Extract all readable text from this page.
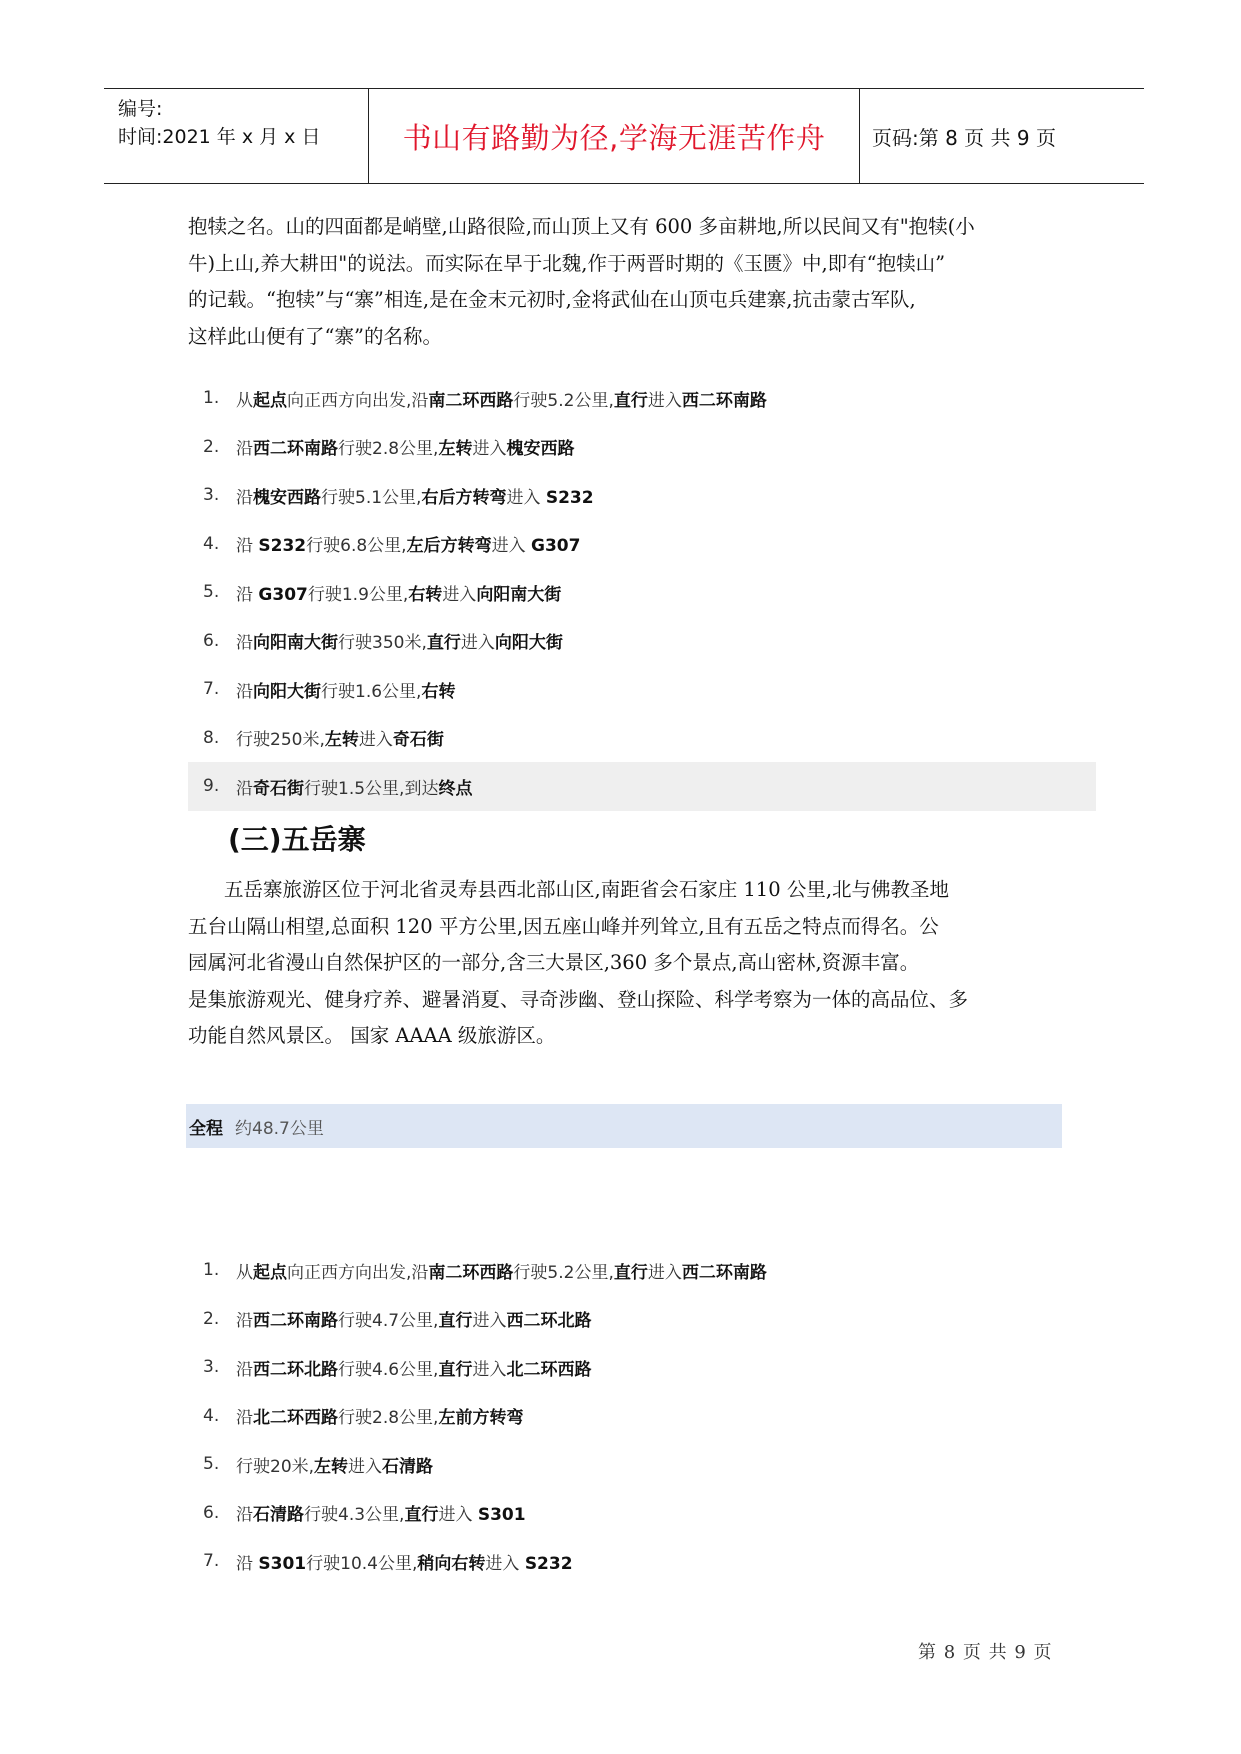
编号:
时间:2021 年 x 月 x 日	书山有路勤为径,学海无涯苦作舟	页码:第 8 页 共 9 页

抱犊之名。山的四面都是峭壁,山路很险,而山顶上又有 600 多亩耕地,所以民间又有"抱犊(小

牛)上山,养大耕田"的说法。而实际在早于北魏,作于两晋时期的《玉匮》中,即有“抱犊山”

的记载。“抱犊”与“寨”相连,是在金末元初时,金将武仙在山顶屯兵建寨,抗击蒙古军队,

这样此山便有了“寨”的名称。

1. 从起点向正西方向出发,沿南二环西路行驶5.2公里,直行进入西二环南路
2. 沿西二环南路行驶2.8公里,左转进入槐安西路
3. 沿槐安西路行驶5.1公里,右后方转弯进入 S232
4. 沿 S232行驶6.8公里,左后方转弯进入 G307
5. 沿 G307行驶1.9公里,右转进入向阳南大街
6. 沿向阳南大街行驶350米,直行进入向阳大街
7. 沿向阳大街行驶1.6公里,右转
8. 行驶250米,左转进入奇石街
9. 沿奇石街行驶1.5公里,到达终点
(三)五岳寨

五岳寨旅游区位于河北省灵寿县西北部山区,南距省会石家庄 110 公里,北与佛教圣地

五台山隔山相望,总面积 120 平方公里,因五座山峰并列耸立,且有五岳之特点而得名。公

园属河北省漫山自然保护区的一部分,含三大景区,360 多个景点,高山密林,资源丰富。

是集旅游观光、健身疗养、避暑消夏、寻奇涉幽、登山探险、科学考察为一体的高品位、多

功能自然风景区。 国家 AAAA 级旅游区。

全程 约48.7公里
1. 从起点向正西方向出发,沿南二环西路行驶5.2公里,直行进入西二环南路
2. 沿西二环南路行驶4.7公里,直行进入西二环北路
3. 沿西二环北路行驶4.6公里,直行进入北二环西路
4. 沿北二环西路行驶2.8公里,左前方转弯
5. 行驶20米,左转进入石清路
6. 沿石清路行驶4.3公里,直行进入 S301
7. 沿 S301行驶10.4公里,稍向右转进入 S232
第 8 页 共 9 页
